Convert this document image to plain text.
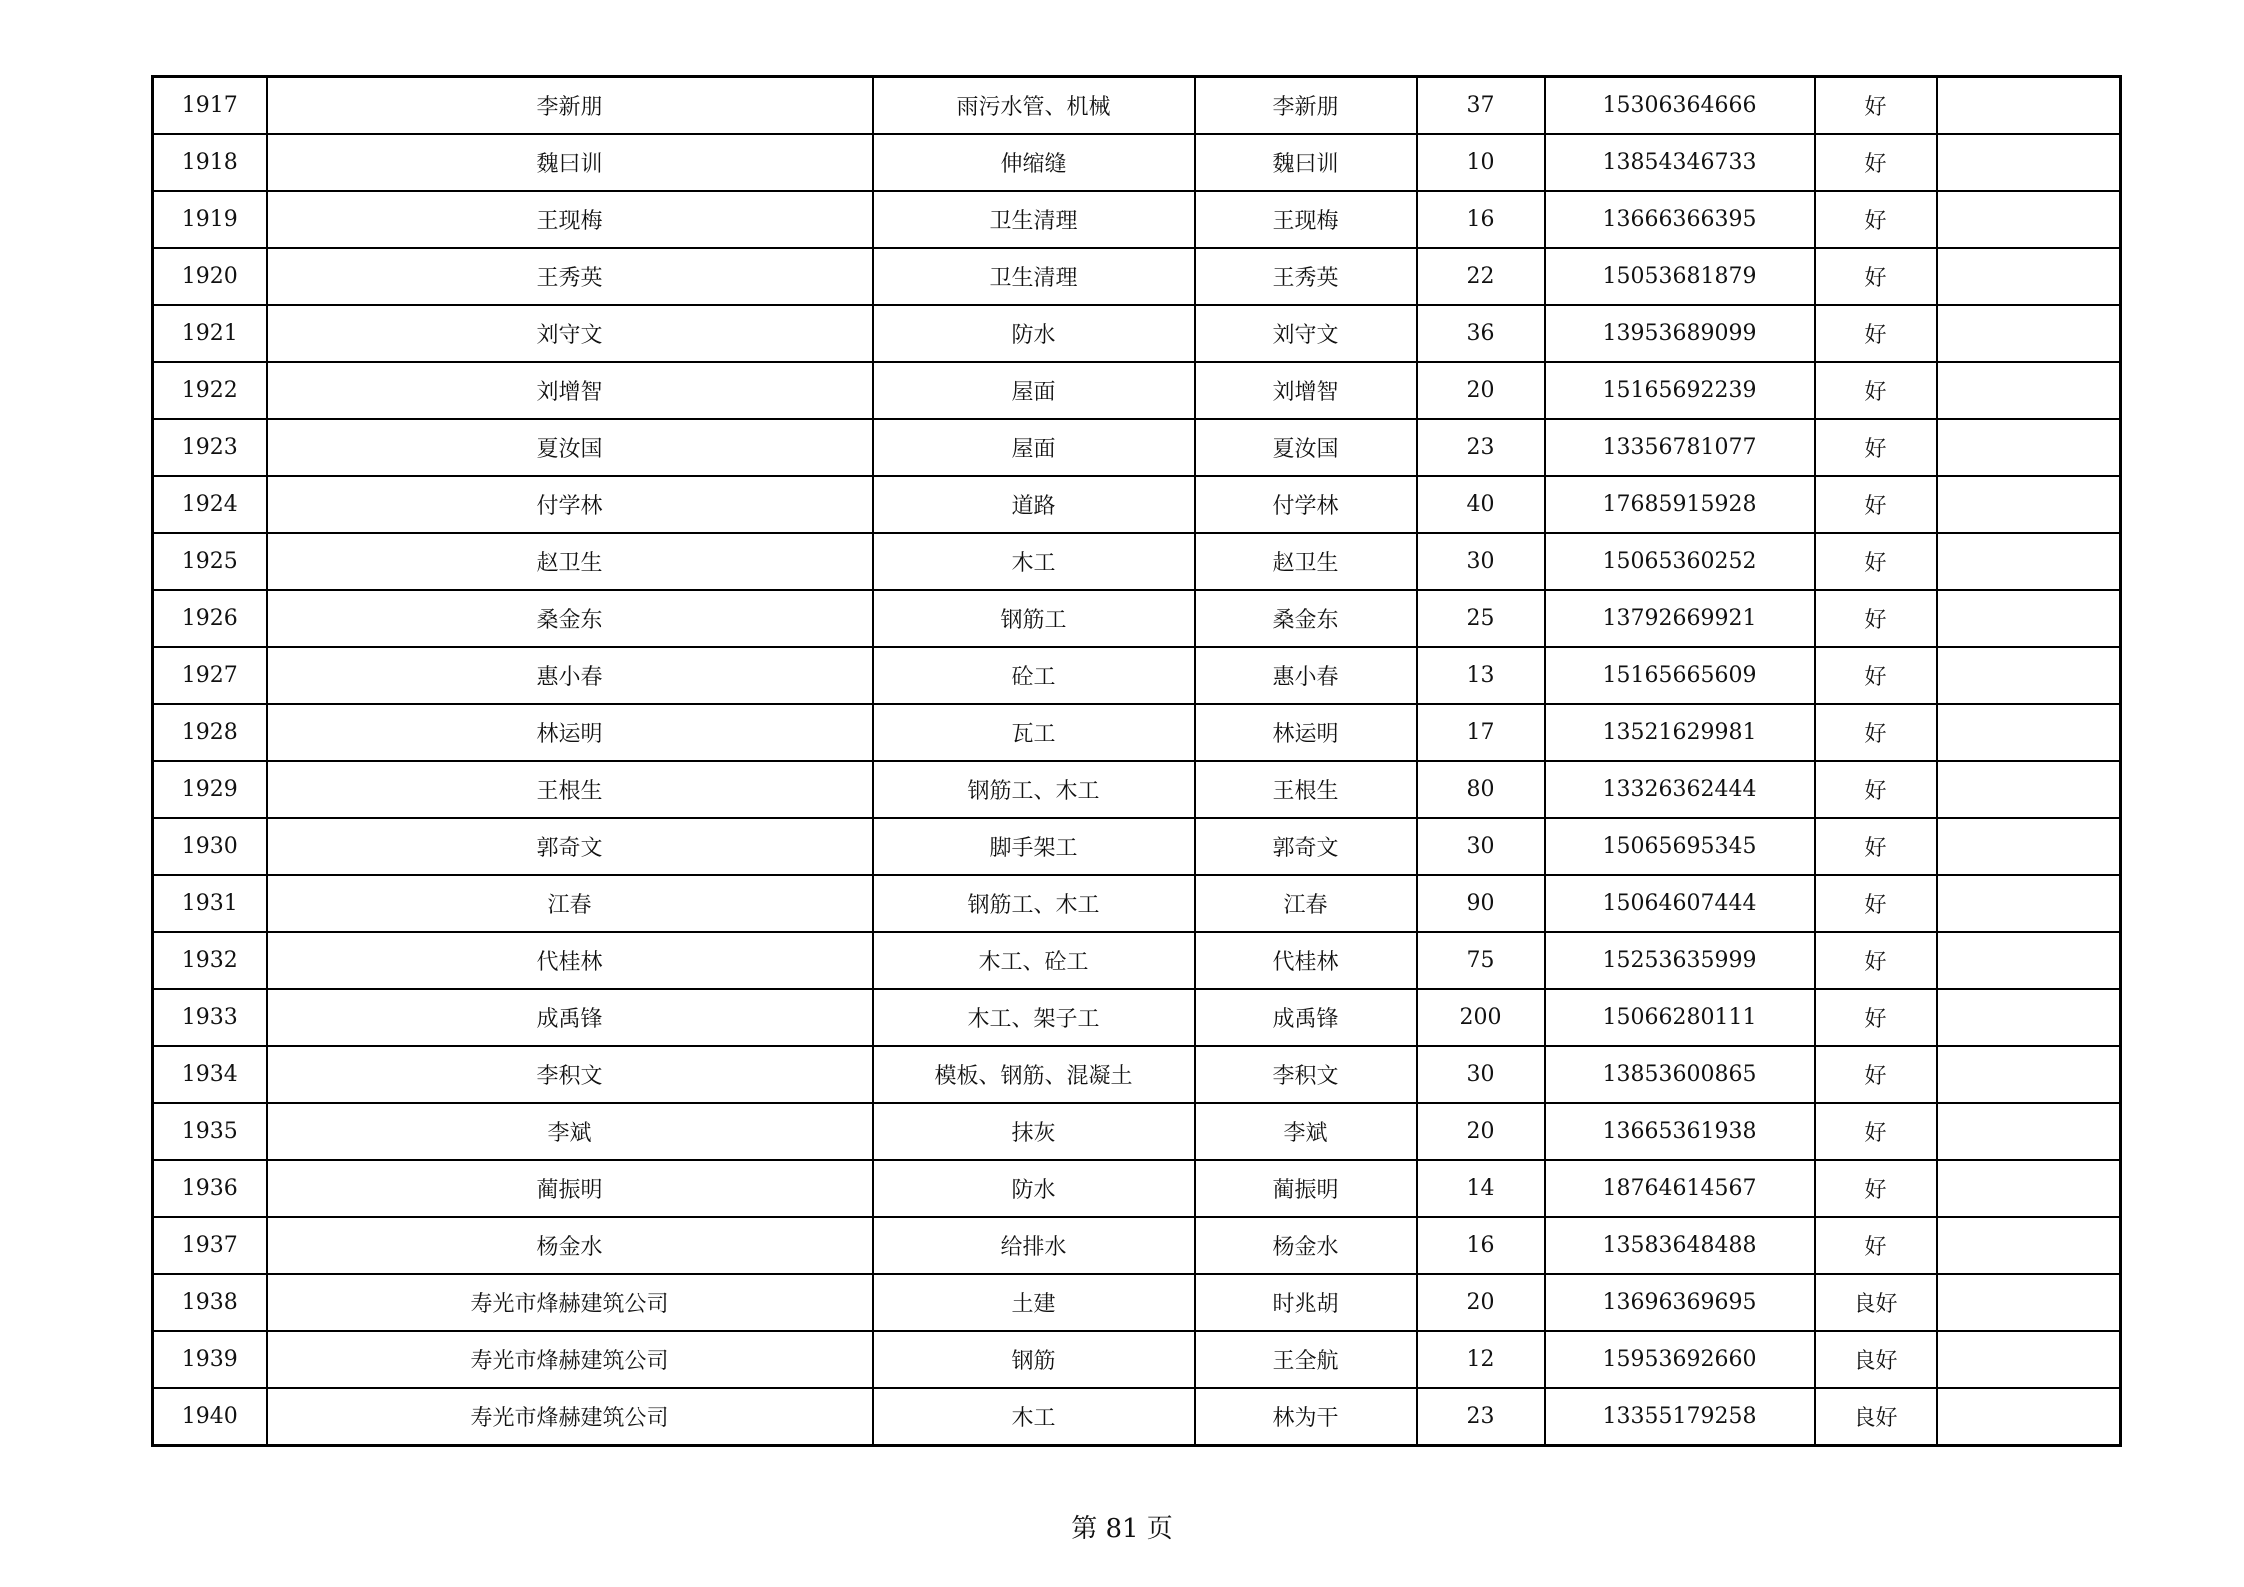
1917	李新朋	雨污水管、机械	李新朋	37	15306364666	好	
1918	魏曰训	伸缩缝	魏曰训	10	13854346733	好	
1919	王现梅	卫生清理	王现梅	16	13666366395	好	
1920	王秀英	卫生清理	王秀英	22	15053681879	好	
1921	刘守文	防水	刘守文	36	13953689099	好	
1922	刘增智	屋面	刘增智	20	15165692239	好	
1923	夏汝国	屋面	夏汝国	23	13356781077	好	
1924	付学林	道路	付学林	40	17685915928	好	
1925	赵卫生	木工	赵卫生	30	15065360252	好	
1926	桑金东	钢筋工	桑金东	25	13792669921	好	
1927	惠小春	砼工	惠小春	13	15165665609	好	
1928	林运明	瓦工	林运明	17	13521629981	好	
1929	王根生	钢筋工、木工	王根生	80	13326362444	好	
1930	郭奇文	脚手架工	郭奇文	30	15065695345	好	
1931	江春	钢筋工、木工	江春	90	15064607444	好	
1932	代桂林	木工、砼工	代桂林	75	15253635999	好	
1933	成禹锋	木工、架子工	成禹锋	200	15066280111	好	
1934	李积文	模板、钢筋、混凝土	李积文	30	13853600865	好	
1935	李斌	抹灰	李斌	20	13665361938	好	
1936	蔺振明	防水	蔺振明	14	18764614567	好	
1937	杨金水	给排水	杨金水	16	13583648488	好	
1938	寿光市烽赫建筑公司	土建	时兆胡	20	13696369695	良好	
1939	寿光市烽赫建筑公司	钢筋	王全航	12	15953692660	良好	
1940	寿光市烽赫建筑公司	木工	林为干	23	13355179258	良好	
第 81 页
